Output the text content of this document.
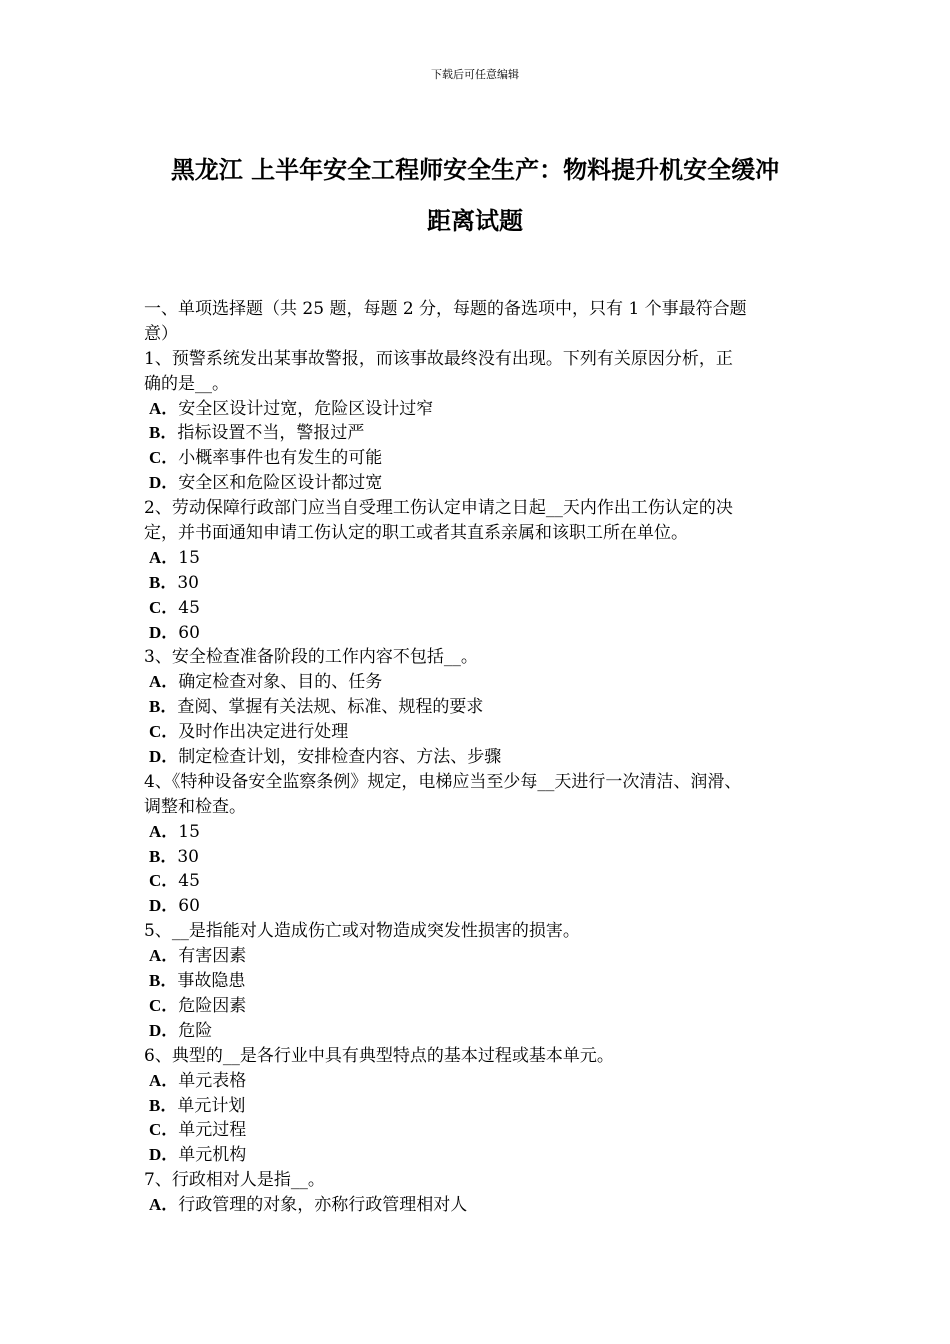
下载后可任意编辑
黑龙江 上半年安全工程师安全生产：物料提升机安全缓冲
距离试题
一、单项选择题（共 25 题，每题 2 分，每题的备选项中，只有 1 个事最符合题
意）
1、预警系统发出某事故警报，而该事故最终没有出现。下列有关原因分析，正
确的是__。
A．安全区设计过宽，危险区设计过窄
B．指标设置不当，警报过严
C．小概率事件也有发生的可能
D．安全区和危险区设计都过宽
2、劳动保障行政部门应当自受理工伤认定申请之日起__天内作出工伤认定的决
定，并书面通知申请工伤认定的职工或者其直系亲属和该职工所在单位。
A．15
B．30
C．45
D．60
3、安全检查准备阶段的工作内容不包括__。
A．确定检查对象、目的、任务
B．查阅、掌握有关法规、标准、规程的要求
C．及时作出决定进行处理
D．制定检查计划，安排检查内容、方法、步骤
4、《特种设备安全监察条例》规定，电梯应当至少每__天进行一次清洁、润滑、
调整和检查。
A．15
B．30
C．45
D．60
5、__是指能对人造成伤亡或对物造成突发性损害的损害。
A．有害因素
B．事故隐患
C．危险因素
D．危险
6、典型的__是各行业中具有典型特点的基本过程或基本单元。
A．单元表格
B．单元计划
C．单元过程
D．单元机构
7、行政相对人是指__。
A．行政管理的对象，亦称行政管理相对人
